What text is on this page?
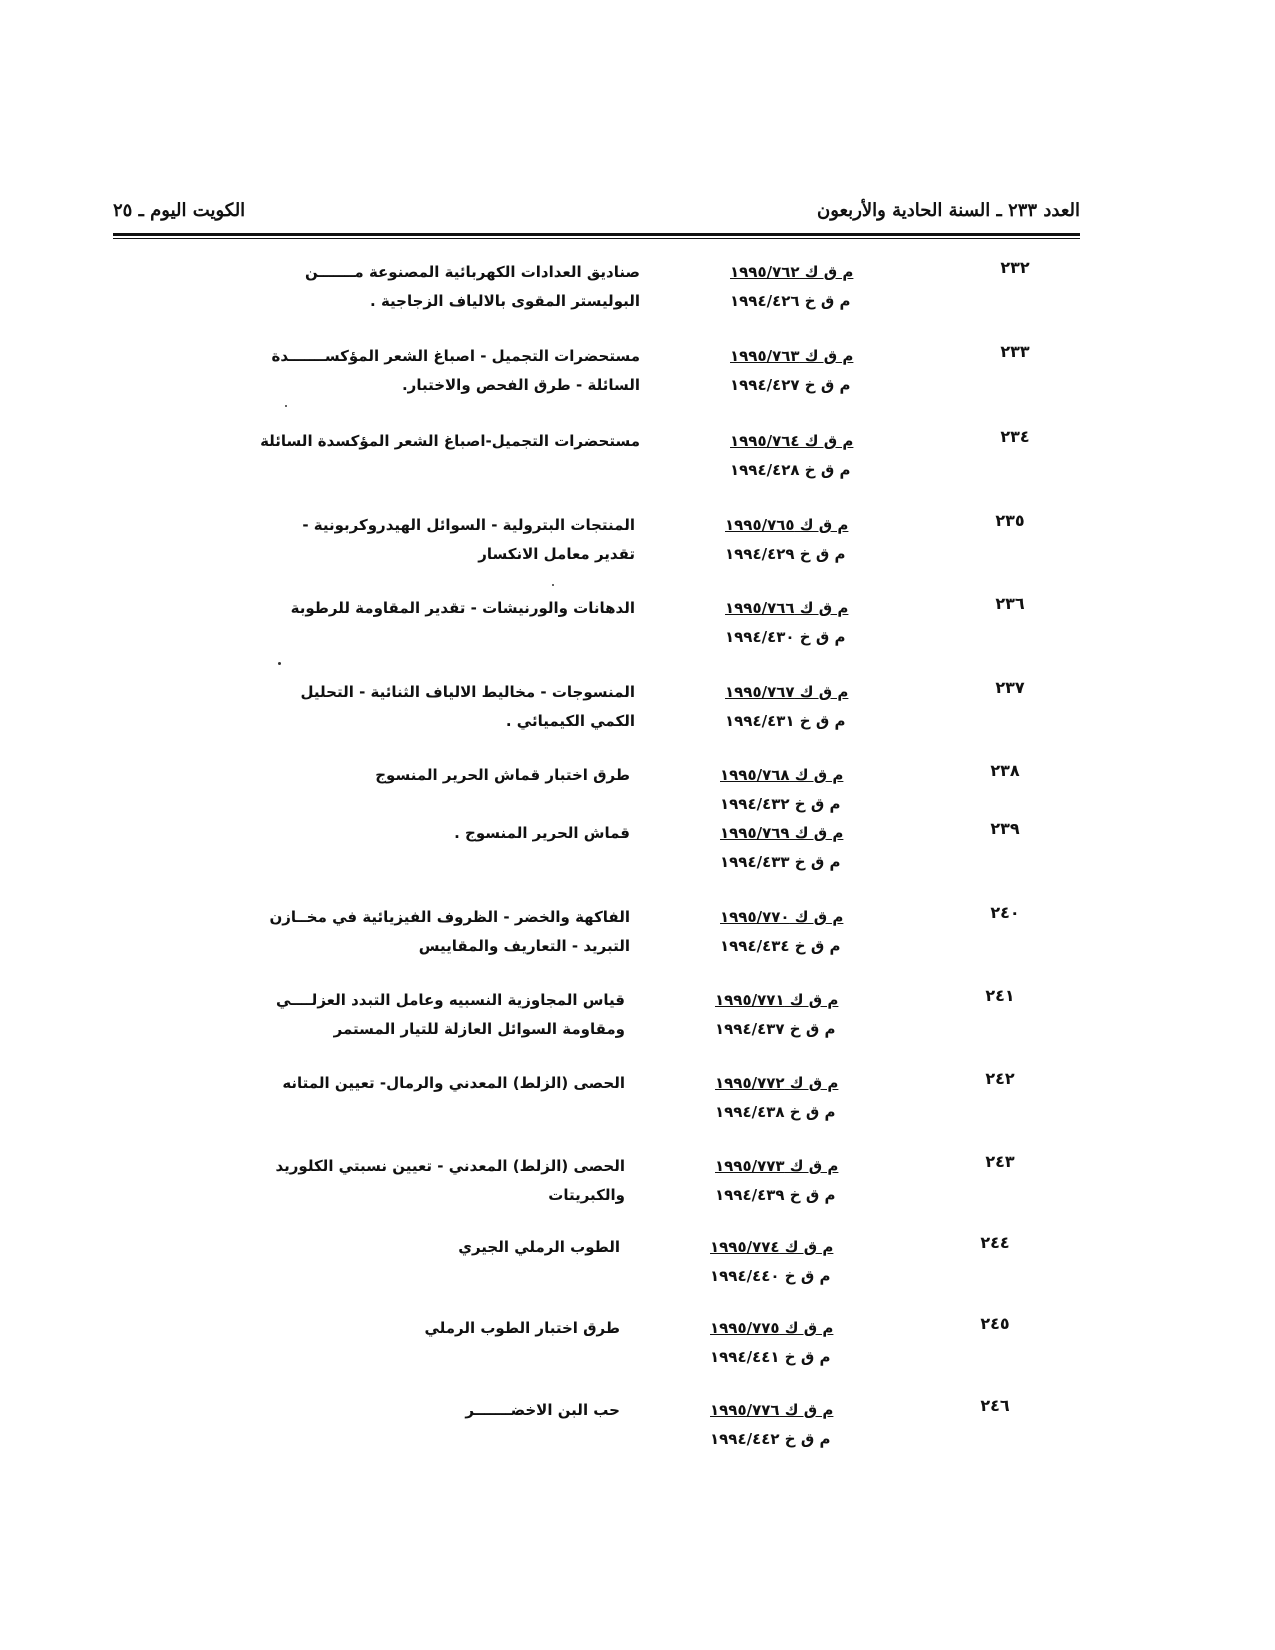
العدد ٢٣٣ ـ السنة الحادية والأربعون
الكويت اليوم ـ ٢٥
٢٣٢
م ق ك ١٩٩٥/٧٦٢
م ق خ ١٩٩٤/٤٢٦
صناديق العدادات الكهربائية المصنوعة مـــــــن
البوليستر المقوى بالالياف الزجاجية .
٢٣٣
م ق ك ١٩٩٥/٧٦٣
م ق خ ١٩٩٤/٤٢٧
مستحضرات التجميل - اصباغ الشعر المؤكســـــــدة
السائلة - طرق الفحص والاختبار.
٢٣٤
م ق ك ١٩٩٥/٧٦٤
م ق خ ١٩٩٤/٤٢٨
مستحضرات التجميل-اصباغ الشعر المؤكسدة السائلة
٢٣٥
م ق ك ١٩٩٥/٧٦٥
م ق خ ١٩٩٤/٤٢٩
المنتجات البترولية - السوائل الهيدروكربونية -
تقدير معامل الانكسار
٢٣٦
م ق ك ١٩٩٥/٧٦٦
م ق خ ١٩٩٤/٤٣٠
الدهانات والورنيشات - تقدير المقاومة للرطوبة
٢٣٧
م ق ك ١٩٩٥/٧٦٧
م ق خ ١٩٩٤/٤٣١
المنسوجات - مخاليط الالياف الثنائية - التحليل
الكمي الكيميائي .
٢٣٨
م ق ك ١٩٩٥/٧٦٨
م ق خ ١٩٩٤/٤٣٢
طرق اختبار قماش الحرير المنسوج
٢٣٩
م ق ك ١٩٩٥/٧٦٩
م ق خ ١٩٩٤/٤٣٣
قماش الحرير المنسوج .
٢٤٠
م ق ك ١٩٩٥/٧٧٠
م ق خ ١٩٩٤/٤٣٤
الفاكهة والخضر - الظروف الفيزيائية في مخــازن
التبريد - التعاريف والمقاييس
٢٤١
م ق ك ١٩٩٥/٧٧١
م ق خ ١٩٩٤/٤٣٧
قياس المجاوزية النسبيه وعامل التبدد العزلــــي
ومقاومة السوائل العازلة للتيار المستمر
٢٤٢
م ق ك ١٩٩٥/٧٧٢
م ق خ ١٩٩٤/٤٣٨
الحصى (الزلط) المعدني والرمال- تعيين المتانه
٢٤٣
م ق ك ١٩٩٥/٧٧٣
م ق خ ١٩٩٤/٤٣٩
الحصى (الزلط) المعدني - تعيين نسبتي الكلوريد
والكبريتات
٢٤٤
م ق ك ١٩٩٥/٧٧٤
م ق خ ١٩٩٤/٤٤٠
الطوب الرملي الجيري
٢٤٥
م ق ك ١٩٩٥/٧٧٥
م ق خ ١٩٩٤/٤٤١
طرق اختبار الطوب الرملي
٢٤٦
م ق ك ١٩٩٥/٧٧٦
م ق خ ١٩٩٤/٤٤٢
حب البن الاخضـــــــر
